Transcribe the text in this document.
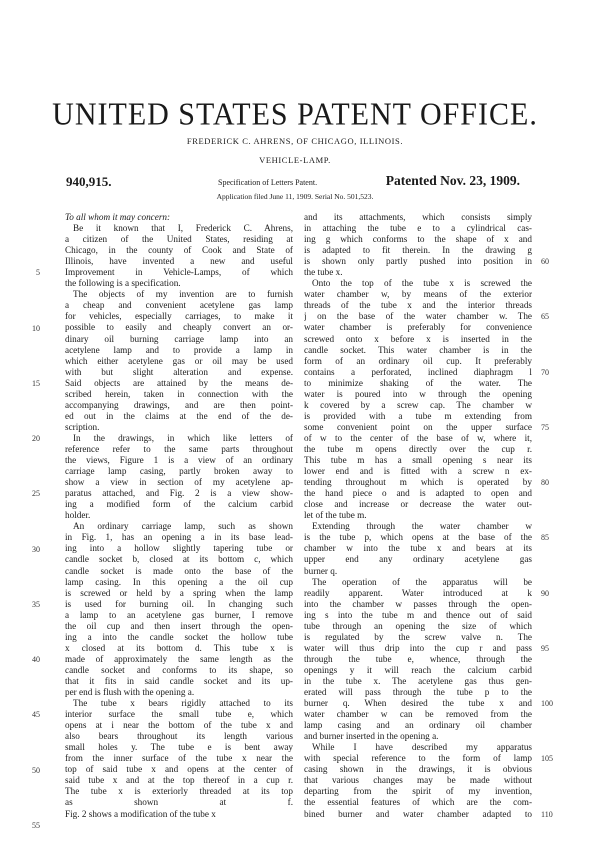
UNITED STATES PATENT OFFICE.
FREDERICK C. AHRENS, OF CHICAGO, ILLINOIS.
VEHICLE-LAMP.
940,915.	Specification of Letters Patent.	Patented Nov. 23, 1909.
Application filed June 11, 1909. Serial No. 501,523.
To all whom it may concern:
Be it known that I, Frederick C. Ahrens,
a citizen of the United States, residing at
Chicago, in the county of Cook and State of
Illinois, have invented a new and useful
Improvement in Vehicle-Lamps, of which
the following is a specification.
The objects of my invention are to furnish
a cheap and convenient acetylene gas lamp
for vehicles, especially carriages, to make it
possible to easily and cheaply convert an or-
dinary oil burning carriage lamp into an
acetylene lamp and to provide a lamp in
which either acetylene gas or oil may be used
with but slight alteration and expense.
Said objects are attained by the means de-
scribed herein, taken in connection with the
accompanying drawings, and are then point-
ed out in the claims at the end of the de-
scription.
In the drawings, in which like letters of
reference refer to the same parts throughout
the views, Figure 1 is a view of an ordinary
carriage lamp casing, partly broken away to
show a view in section of my acetylene ap-
paratus attached, and Fig. 2 is a view show-
ing a modified form of the calcium carbid
holder.
An ordinary carriage lamp, such as shown
in Fig. 1, has an opening a in its base lead-
ing into a hollow slightly tapering tube or
candle socket b, closed at its bottom c, which
candle socket is made onto the base of the
lamp casing. In this opening a the oil cup
is screwed or held by a spring when the lamp
is used for burning oil. In changing such
a lamp to an acetylene gas burner, I remove
the oil cup and then insert through the open-
ing a into the candle socket the hollow tube
x closed at its bottom d. This tube x is
made of approximately the same length as the
candle socket and conforms to its shape, so
that it fits in said candle socket and its up-
per end is flush with the opening a.
The tube x bears rigidly attached to its
interior surface the small tube e, which
opens at i near the bottom of the tube x and
also bears throughout its length various
small holes y. The tube e is bent away
from the inner surface of the tube x near the
top of said tube x and opens at the center of
said tube x and at the top thereof in a cup r.
The tube x is exteriorly threaded at its top
as shown at f.
Fig. 2 shows a modification of the tube x
and its attachments, which consists simply
in attaching the tube e to a cylindrical cas-
ing g which conforms to the shape of x and
is adapted to fit therein. In the drawing g
is shown only partly pushed into position in
the tube x.
Onto the top of the tube x is screwed the
water chamber w, by means of the exterior
threads of the tube x and the interior threads
j on the base of the water chamber w. The
water chamber is preferably for convenience
screwed onto x before x is inserted in the
candle socket. This water chamber is in the
form of an ordinary oil cup. It preferably
contains a perforated, inclined diaphragm l
to minimize shaking of the water. The
water is poured into w through the opening
k covered by a screw cap. The chamber w
is provided with a tube m extending from
some convenient point on the upper surface
of w to the center of the base of w, where it,
the tube m opens directly over the cup r.
This tube m has a small opening s near its
lower end and is fitted with a screw n ex-
tending throughout m which is operated by
the hand piece o and is adapted to open and
close and increase or decrease the water out-
let of the tube m.
Extending through the water chamber w
is the tube p, which opens at the base of the
chamber w into the tube x and bears at its
upper end any ordinary acetylene gas
burner q.
The operation of the apparatus will be
readily apparent. Water introduced at k
into the chamber w passes through the open-
ing s into the tube m and thence out of said
tube through an opening the size of which
is regulated by the screw valve n. The
water will thus drip into the cup r and pass
through the tube e, whence, through the
openings y it will reach the calcium carbid
in the tube x. The acetylene gas thus gen-
erated will pass through the tube p to the
burner q. When desired the tube x and
water chamber w can be removed from the
lamp casing and an ordinary oil chamber
and burner inserted in the opening a.
While I have described my apparatus
with special reference to the form of lamp
casing shown in the drawings, it is obvious
that various changes may be made without
departing from the spirit of my invention,
the essential features of which are the com-
bined burner and water chamber adapted to
5
10
15
20
25
30
35
40
45
50
55
60
65
70
75
80
85
90
95
100
105
110
